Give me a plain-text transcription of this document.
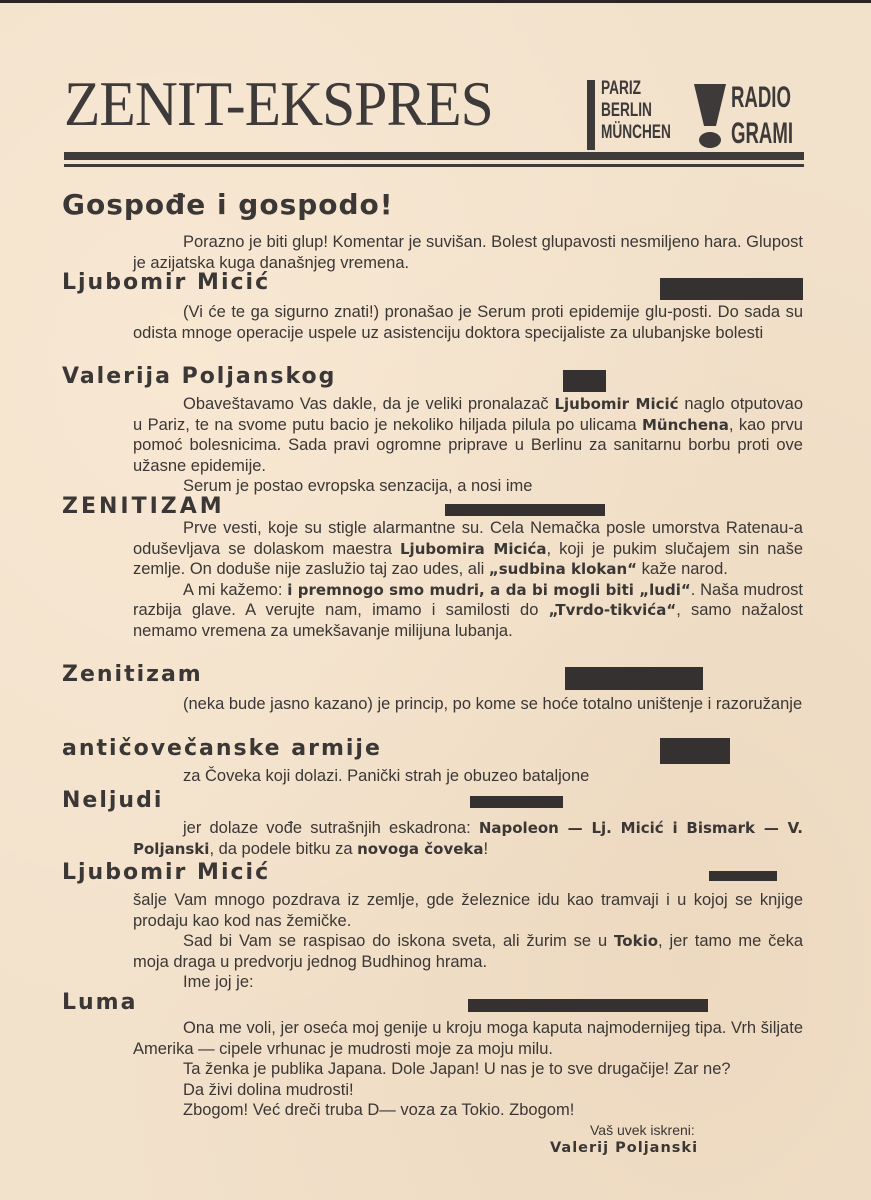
ZENIT-EKSPRES	PARIZ
BERLIN
MÜNCHEN
RADIO
GRAMI
Gospođe i gospodo!

Porazno je biti glup! Komentar je suvišan. Bolest glupavosti nesmiljeno hara. Glupost je azijatska kuga današnjeg vremena.

Ljubomir Micić

(Vi će te ga sigurno znati!) pronašao je Serum proti epidemije glu-posti. Do sada su odista mnoge operacije uspele uz asistenciju doktora specijaliste za ulubanjske bolesti

Valerija Poljanskog

Obaveštavamo Vas dakle, da je veliki pronalazač Ljubomir Micić naglo otputovao u Pariz, te na svome putu bacio je nekoliko hiljada pilula po ulicama Münchena, kao prvu pomoć bolesnicima. Sada pravi ogromne priprave u Berlinu za sanitarnu borbu proti ove užasne epidemije.

Serum je postao evropska senzacija, a nosi ime

ZENITIZAM

Prve vesti, koje su stigle alarmantne su. Cela Nemačka posle umorstva Ratenau-a oduševljava se dolaskom maestra Ljubomira Micića, koji je pukim slučajem sin naše zemlje. On doduše nije zaslužio taj zao udes, ali „sudbina klokan“ kaže narod.

A mi kažemo: i premnogo smo mudri, a da bi mogli biti „ludi“. Naša mudrost razbija glave. A verujte nam, imamo i samilosti do „Tvrdo-tikvića“, samo nažalost nemamo vremena za umekšavanje milijuna lubanja.

Zenitizam

(neka bude jasno kazano) je princip, po kome se hoće totalno uništenje i razoružanje

antičovečanske armije

za Čoveka koji dolazi. Panički strah je obuzeo bataljone

Neljudi

jer dolaze vođe sutrašnjih eskadrona: Napoleon — Lj. Micić i Bismark — V. Poljanski, da podele bitku za novoga čoveka!

Ljubomir Micić

šalje Vam mnogo pozdrava iz zemlje, gde železnice idu kao tramvaji i u kojoj se knjige prodaju kao kod nas žemičke.

Sad bi Vam se raspisao do iskona sveta, ali žurim se u Tokio, jer tamo me čeka moja draga u predvorju jednog Budhinog hrama.

Ime joj je:

Luma

Ona me voli, jer oseća moj genije u kroju moga kaputa najmodernijeg tipa. Vrh šiljate Amerika — cipele vrhunac je mudrosti moje za moju milu.

Ta ženka je publika Japana. Dole Japan! U nas je to sve drugačije! Zar ne?

Da živi dolina mudrosti!

Zbogom! Već dreči truba D— voza za Tokio. Zbogom!

Vaš uvek iskreni:
Valerij Poljanski
